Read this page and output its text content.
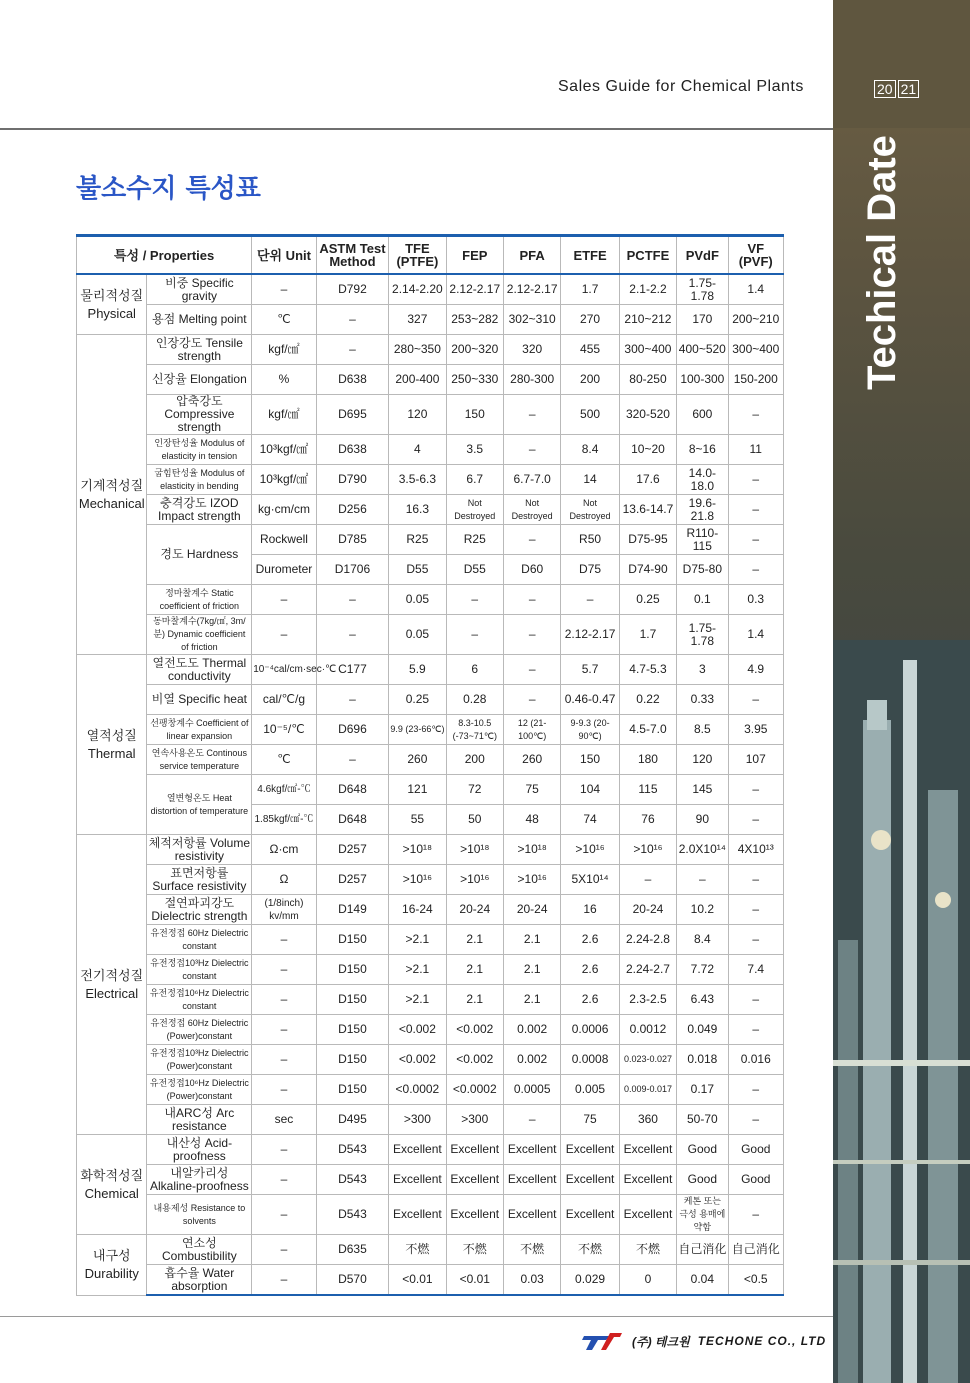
Sales Guide for Chemical Plants	20 21
Techical Date
불소수지 특성표
특성 / Properties		단위 Unit	ASTM Test Method	TFE (PTFE)	FEP	PFA	ETFE	PCTFE	PVdF	VF (PVF)
물리적성질 Physical	비중 Specific gravity	–	D792	2.14-2.20	2.12-2.17	2.12-2.17	1.7	2.1-2.2	1.75-1.78	1.4
	용점 Melting point	℃	–	327	253~282	302~310	270	210~212	170	200~210
기계적성질 Mechanical	인장강도 Tensile strength	kgf/㎠	–	280~350	200~320	320	455	300~400	400~520	300~400
	신장율 Elongation	%	D638	200-400	250~330	280-300	200	80-250	100-300	150-200
	압축강도 Compressive strength	kgf/㎠	D695	120	150	–	500	320-520	600	–
	인장탄성율 Modulus of elasticity in tension	10³kgf/㎠	D638	4	3.5	–	8.4	10~20	8~16	11
	굽힘탄성율 Modulus of elasticity in bending	10³kgf/㎠	D790	3.5-6.3	6.7	6.7-7.0	14	17.6	14.0-18.0	–
	충격강도 IZOD Impact strength	kg·cm/cm	D256	16.3	Not Destroyed	Not Destroyed	Not Destroyed	13.6-14.7	19.6-21.8	–
	경도 Hardness	Rockwell	D785	R25	R25	–	R50	D75-95	R110-115	–
		Durometer	D1706	D55	D55	D60	D75	D74-90	D75-80	–
	정마찰계수 Static coefficient of friction	–	–	0.05	–	–	–	0.25	0.1	0.3
	동마찰계수(7kg/㎠, 3m/분) Dynamic coefficient of friction	–	–	0.05	–	–	2.12-2.17	1.7	1.75-1.78	1.4
열적성질 Thermal	열전도도 Thermal conductivity	10⁻⁴cal/cm·sec·℃	C177	5.9	6	–	5.7	4.7-5.3	3	4.9
	비열 Specific heat	cal/℃/g	–	0.25	0.28	–	0.46-0.47	0.22	0.33	–
	선팽창계수 Coefficient of linear expansion	10⁻⁵/℃	D696	9.9 (23-66℃)	8.3-10.5 (-73~71℃)	12 (21-100℃)	9-9.3 (20-90℃)	4.5-7.0	8.5	3.95
	연속사용온도 Continous service temperature	℃	–	260	200	260	150	180	120	107
	열변형온도 Heat distortion of temperature	4.6kgf/㎠-℃	D648	121	72	75	104	115	145	–
		1.85kgf/㎠-℃	D648	55	50	48	74	76	90	–
전기적성질 Electrical	체적저항률 Volume resistivity	Ω·cm	D257	>10¹⁸	>10¹⁸	>10¹⁸	>10¹⁶	>10¹⁶	2.0X10¹⁴	4X10¹³
	표면저항률 Surface resistivity	Ω	D257	>10¹⁶	>10¹⁶	>10¹⁶	5X10¹⁴	–	–	–
	절연파괴강도 Dielectric strength	(1/8inch) kv/mm	D149	16-24	20-24	20-24	16	20-24	10.2	–
	유전정접 60Hz Dielectric constant	–	D150	>2.1	2.1	2.1	2.6	2.24-2.8	8.4	–
	유전정접10³Hz Dielectric constant	–	D150	>2.1	2.1	2.1	2.6	2.24-2.7	7.72	7.4
	유전정접10⁶Hz Dielectric constant	–	D150	>2.1	2.1	2.1	2.6	2.3-2.5	6.43	–
	유전정접 60Hz Dielectric (Power)constant	–	D150	<0.002	<0.002	0.002	0.0006	0.0012	0.049	–
	유전정접10³Hz Dielectric (Power)constant	–	D150	<0.002	<0.002	0.002	0.0008	0.023-0.027	0.018	0.016
	유전정접10⁶Hz Dielectric (Power)constant	–	D150	<0.0002	<0.0002	0.0005	0.005	0.009-0.017	0.17	–
	내ARC성 Arc resistance	sec	D495	>300	>300	–	75	360	50-70	–
화학적성질 Chemical	내산성 Acid-proofness	–	D543	Excellent	Excellent	Excellent	Excellent	Excellent	Good	Good
	내알카리성 Alkaline-proofness	–	D543	Excellent	Excellent	Excellent	Excellent	Excellent	Good	Good
	내용제성 Resistance to solvents	–	D543	Excellent	Excellent	Excellent	Excellent	Excellent	케톤 또는 극성 용매에 약함	–
내구성 Durability	연소성 Combustibility	–	D635	不燃	不燃	不燃	不燃	不燃	自己消化	自己消化
	흡수율 Water absorption	–	D570	<0.01	<0.01	0.03	0.029	0	0.04	<0.5
(주) 테크원 TECHONE CO., LTD
